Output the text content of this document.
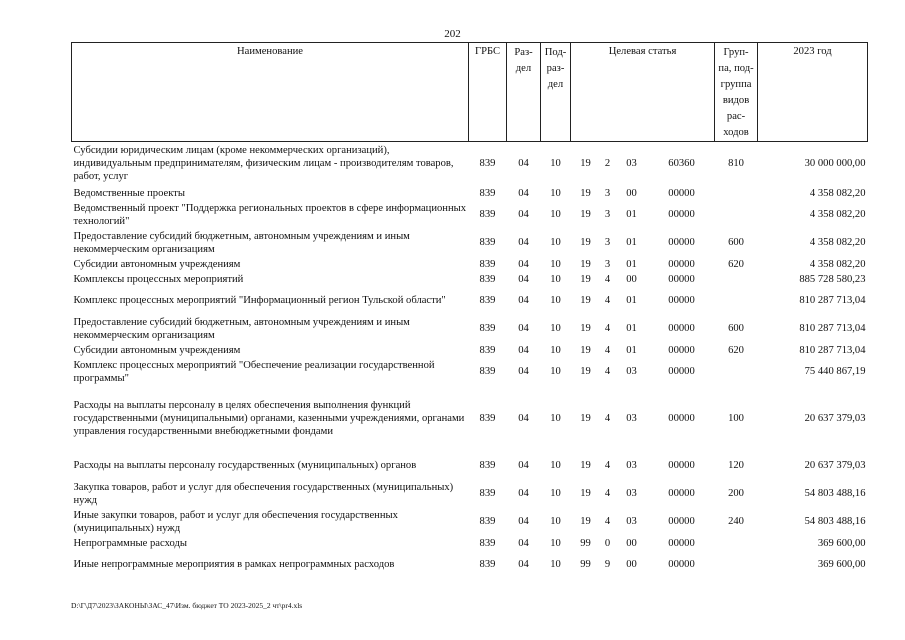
202
Наименование	ГРБС	Раз-дел	Под-раз-дел	Целевая статья				Груп-па, под-группа видов рас-ходов	2023 год
Субсидии юридическим лицам (кроме некоммерческих организаций), индивидуальным предпринимателям, физическим лицам - производителям товаров, работ, услуг	839	04	10	19	2	03	60360	810	30 000 000,00
Ведомственные проекты	839	04	10	19	3	00	00000		4 358 082,20
Ведомственный проект "Поддержка региональных проектов в сфере информационных технологий"	839	04	10	19	3	01	00000		4 358 082,20
Предоставление субсидий бюджетным, автономным учреждениям и иным некоммерческим организациям	839	04	10	19	3	01	00000	600	4 358 082,20
Субсидии автономным учреждениям	839	04	10	19	3	01	00000	620	4 358 082,20
Комплексы процессных мероприятий	839	04	10	19	4	00	00000		885 728 580,23
Комплекс процессных мероприятий "Информационный регион Тульской области"	839	04	10	19	4	01	00000		810 287 713,04
Предоставление субсидий бюджетным, автономным учреждениям и иным некоммерческим организациям	839	04	10	19	4	01	00000	600	810 287 713,04
Субсидии автономным учреждениям	839	04	10	19	4	01	00000	620	810 287 713,04
Комплекс процессных мероприятий "Обеспечение реализации государственной программы"	839	04	10	19	4	03	00000		75 440 867,19
Расходы на выплаты персоналу в целях обеспечения выполнения функций государственными (муниципальными) органами, казенными учреждениями, органами управления государственными внебюджетными фондами	839	04	10	19	4	03	00000	100	20 637 379,03
Расходы на выплаты персоналу государственных (муниципальных) органов	839	04	10	19	4	03	00000	120	20 637 379,03
Закупка товаров, работ и услуг для обеспечения государственных (муниципальных) нужд	839	04	10	19	4	03	00000	200	54 803 488,16
Иные закупки товаров, работ и услуг для обеспечения государственных (муниципальных) нужд	839	04	10	19	4	03	00000	240	54 803 488,16
Непрограммные расходы	839	04	10	99	0	00	00000		369 600,00
Иные непрограммные мероприятия в рамках непрограммных расходов	839	04	10	99	9	00	00000		369 600,00
D:\Г\Д7\2023\ЗАКОНЫ\ЗАС_47\Изм. бюджет ТО 2023-2025_2 чт\pr4.xls
